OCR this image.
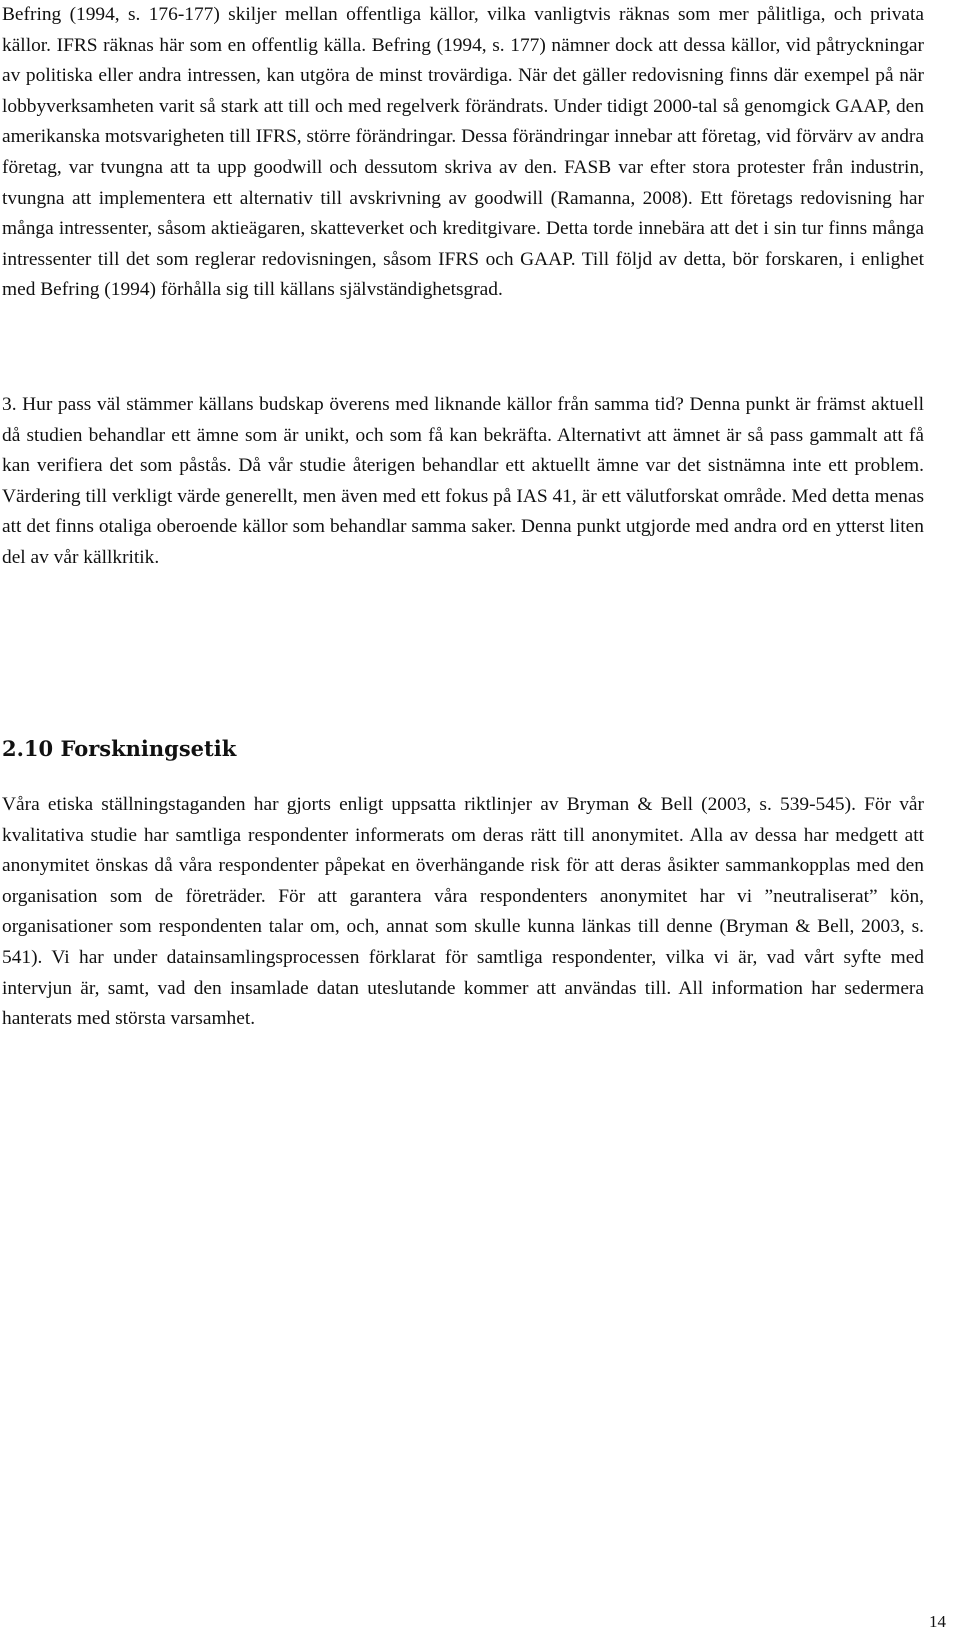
Befring (1994, s. 176-177) skiljer mellan offentliga källor, vilka vanligtvis räknas som mer pålitliga, och privata källor. IFRS räknas här som en offentlig källa. Befring (1994, s. 177) nämner dock att dessa källor, vid påtryckningar av politiska eller andra intressen, kan utgöra de minst trovärdiga. När det gäller redovisning finns där exempel på när lobbyverksamheten varit så stark att till och med regelverk förändrats. Under tidigt 2000-tal så genomgick GAAP, den amerikanska motsvarigheten till IFRS, större förändringar. Dessa förändringar innebar att företag, vid förvärv av andra företag, var tvungna att ta upp goodwill och dessutom skriva av den. FASB var efter stora protester från industrin, tvungna att implementera ett alternativ till avskrivning av goodwill (Ramanna, 2008). Ett företags redovisning har många intressenter, såsom aktieägaren, skatteverket och kreditgivare. Detta torde innebära att det i sin tur finns många intressenter till det som reglerar redovisningen, såsom IFRS och GAAP. Till följd av detta, bör forskaren, i enlighet med Befring (1994) förhålla sig till källans självständighetsgrad.

3. Hur pass väl stämmer källans budskap överens med liknande källor från samma tid? Denna punkt är främst aktuell då studien behandlar ett ämne som är unikt, och som få kan bekräfta. Alternativt att ämnet är så pass gammalt att få kan verifiera det som påstås. Då vår studie återigen behandlar ett aktuellt ämne var det sistnämna inte ett problem. Värdering till verkligt värde generellt, men även med ett fokus på IAS 41, är ett välutforskat område. Med detta menas att det finns otaliga oberoende källor som behandlar samma saker. Denna punkt utgjorde med andra ord en ytterst liten del av vår källkritik.

2.10 Forskningsetik

Våra etiska ställningstaganden har gjorts enligt uppsatta riktlinjer av Bryman & Bell (2003, s. 539-545). För vår kvalitativa studie har samtliga respondenter informerats om deras rätt till anonymitet. Alla av dessa har medgett att anonymitet önskas då våra respondenter påpekat en överhängande risk för att deras åsikter sammankopplas med den organisation som de företräder. För att garantera våra respondenters anonymitet har vi ”neutraliserat” kön, organisationer som respondenten talar om, och, annat som skulle kunna länkas till denne (Bryman & Bell, 2003, s. 541). Vi har under datainsamlingsprocessen förklarat för samtliga respondenter, vilka vi är, vad vårt syfte med intervjun är, samt, vad den insamlade datan uteslutande kommer att användas till. All information har sedermera hanterats med största varsamhet.

14
